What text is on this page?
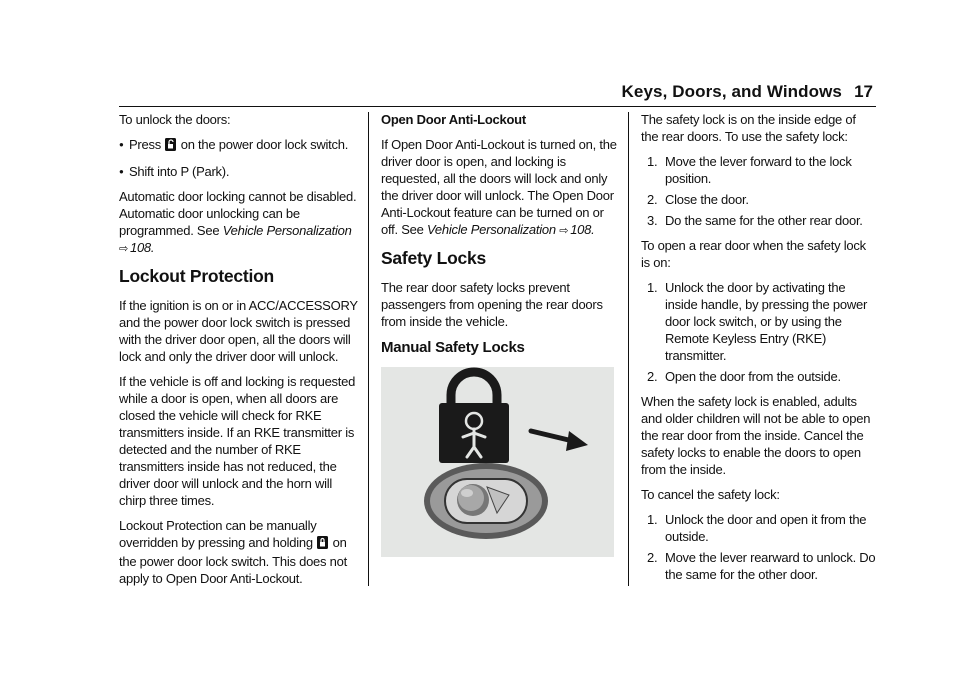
Keys, Doors, and Windows 17

To unlock the doors:

● Press on the power door lock switch.
● Shift into P (Park).

Automatic door locking cannot be disabled. Automatic door unlocking can be programmed. See Vehicle Personalization
⇨ 108.

Lockout Protection

If the ignition is on or in ACC/ACCESSORY and the power door lock switch is pressed with the driver door open, all the doors will lock and only the driver door will unlock.

If the vehicle is off and locking is requested while a door is open, when all doors are closed the vehicle will check for RKE transmitters inside. If an RKE transmitter is detected and the number of RKE transmitters inside has not reduced, the driver door will unlock and the horn will chirp three times.

Lockout Protection can be manually overridden by pressing and holding on the power door lock switch. This does not apply to Open Door Anti-Lockout.

Open Door Anti-Lockout

If Open Door Anti-Lockout is turned on, the driver door is open, and locking is requested, all the doors will lock and only the driver door will unlock. The Open Door Anti-Lockout feature can be turned on or off. See Vehicle Personalization ⇨ 108.

Safety Locks

The rear door safety locks prevent passengers from opening the rear doors from inside the vehicle.

Manual Safety Locks

The safety lock is on the inside edge of the rear doors. To use the safety lock:

1. Move the lever forward to the lock position.
2. Close the door.
3. Do the same for the other rear door.

To open a rear door when the safety lock is on:

1. Unlock the door by activating the inside handle, by pressing the power door lock switch, or by using the Remote Keyless Entry (RKE) transmitter.
2. Open the door from the outside.

When the safety lock is enabled, adults and older children will not be able to open the rear door from the inside. Cancel the safety locks to enable the doors to open from the inside.

To cancel the safety lock:

1. Unlock the door and open it from the outside.
2. Move the lever rearward to unlock. Do the same for the other door.
